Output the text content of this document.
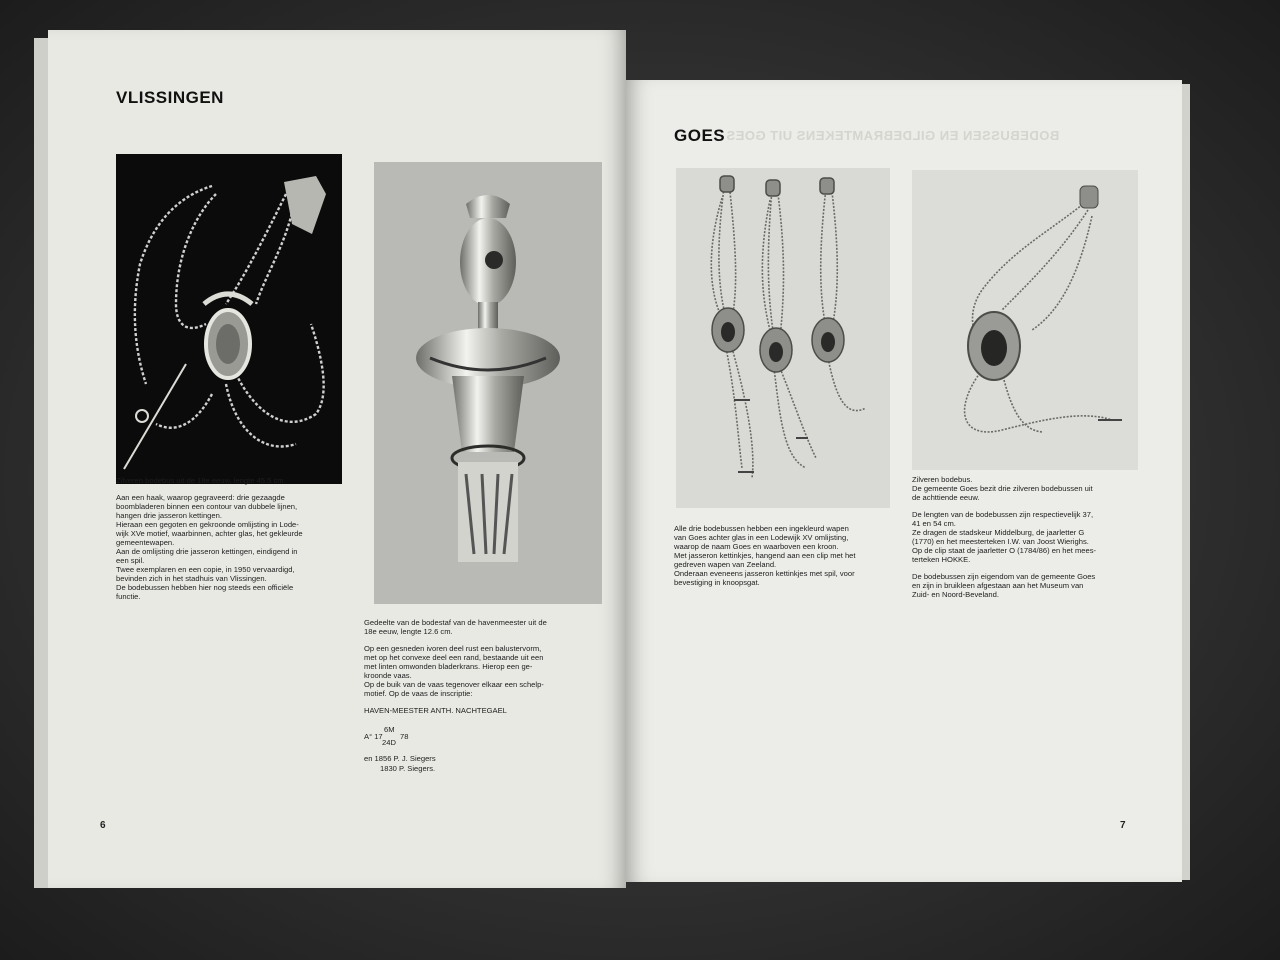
VLISSINGEN

Zilveren bodebus uit de 18e eeuw, lengte 45.5 cm.

Aan een haak, waarop gegraveerd: drie gezaagde

boombladeren binnen een contour van dubbele lijnen,

hangen drie jasseron kettingen.

Hieraan een gegoten en gekroonde omlijsting in Lode-

wijk XVe motief, waarbinnen, achter glas, het gekleurde

gemeentewapen.

Aan de omlijsting drie jasseron kettingen, eindigend in

een spil.

Twee exemplaren en een copie, in 1950 vervaardigd,

bevinden zich in het stadhuis van Vlissingen.

De bodebussen hebben hier nog steeds een officiële

functie.

Gedeelte van de bodestaf van de havenmeester uit de

18e eeuw, lengte 12.6 cm.

Op een gesneden ivoren deel rust een balustervorm,

met op het convexe deel een rand, bestaande uit een

met linten omwonden bladerkrans. Hierop een ge-

kroonde vaas.

Op de buik van de vaas tegenover elkaar een schelp-

motief. Op de vaas de inscriptie:

HAVEN-MEESTER ANTH. NACHTEGAEL

A° 17
6M
24D
78
en 1856 P. J. Siegers
1830 P. Siegers.
6
BODEBUSSEN EN GILDEBRAMTEKENS UIT GOES
GOES

Alle drie bodebussen hebben een ingekleurd wapen

van Goes achter glas in een Lodewijk XV omlijsting,

waarop de naam Goes en waarboven een kroon.

Met jasseron kettinkjes, hangend aan een clip met het

gedreven wapen van Zeeland.

Onderaan eveneens jasseron kettinkjes met spil, voor

bevestiging in knoopsgat.

Zilveren bodebus.

De gemeente Goes bezit drie zilveren bodebussen uit

de achttiende eeuw.

De lengten van de bodebussen zijn respectievelijk 37,

41 en 54 cm.

Ze dragen de stadskeur Middelburg, de jaarletter G

(1770) en het meesterteken I.W. van Joost Wierighs.

Op de clip staat de jaarletter O (1784/86) en het mees-

terteken HOKKE.

De bodebussen zijn eigendom van de gemeente Goes

en zijn in bruikleen afgestaan aan het Museum van

Zuid- en Noord-Beveland.

7
